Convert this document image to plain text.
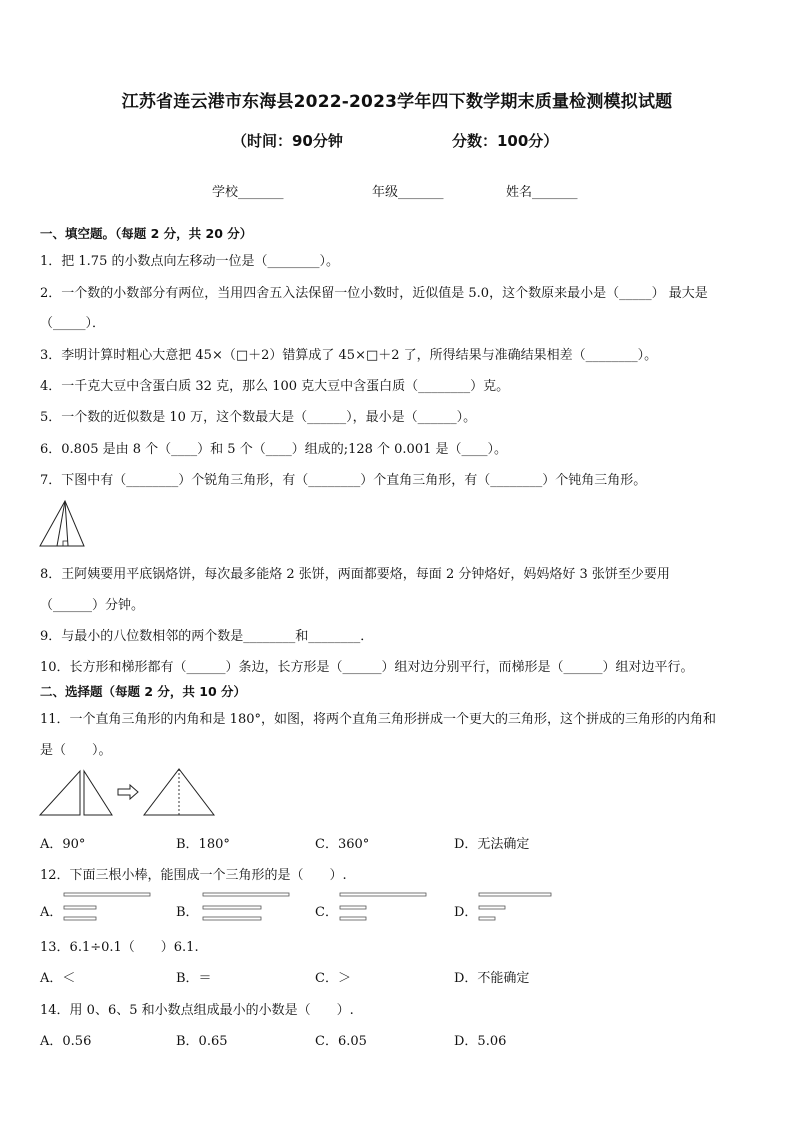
江苏省连云港市东海县2022-2023学年四下数学期末质量检测模拟试题
（时间：90分钟	分数：100分）
学校_______	年级_______	姓名_______
一、填空题。（每题 2 分，共 20 分）
1．把 1.75 的小数点向左移动一位是（________）。
2．一个数的小数部分有两位，当用四舍五入法保留一位小数时，近似值是 5.0，这个数原来最小是（_____） 最大是
（_____）．
3．李明计算时粗心大意把 45×（□＋2）错算成了 45×□＋2 了，所得结果与准确结果相差（________）。
4．一千克大豆中含蛋白质 32 克，那么 100 克大豆中含蛋白质（________）克。
5．一个数的近似数是 10 万，这个数最大是（______），最小是（______）。
6．0.805 是由 8 个（____）和 5 个（____）组成的;128 个 0.001 是（____）。
7．下图中有（________）个锐角三角形，有（________）个直角三角形，有（________）个钝角三角形。
8．王阿姨要用平底锅烙饼，每次最多能烙 2 张饼，两面都要烙，每面 2 分钟烙好，妈妈烙好 3 张饼至少要用
（______）分钟。
9．与最小的八位数相邻的两个数是________和________．
10．长方形和梯形都有（______）条边，长方形是（______）组对边分别平行，而梯形是（______）组对边平行。
二、选择题（每题 2 分，共 10 分）
11．一个直角三角形的内角和是 180°，如图，将两个直角三角形拼成一个更大的三角形，这个拼成的三角形的内角和
是（　　）。
A．90°	B．180°	C．360°	D．无法确定
12．下面三根小棒，能围成一个三角形的是（　　）.
A．	B．	C．	D．
13．6.1÷0.1（　　）6.1.
A．＜	B．＝	C．＞	D．不能确定
14．用 0、6、5 和小数点组成最小的小数是（　　）.
A．0.56	B．0.65	C．6.05	D．5.06
